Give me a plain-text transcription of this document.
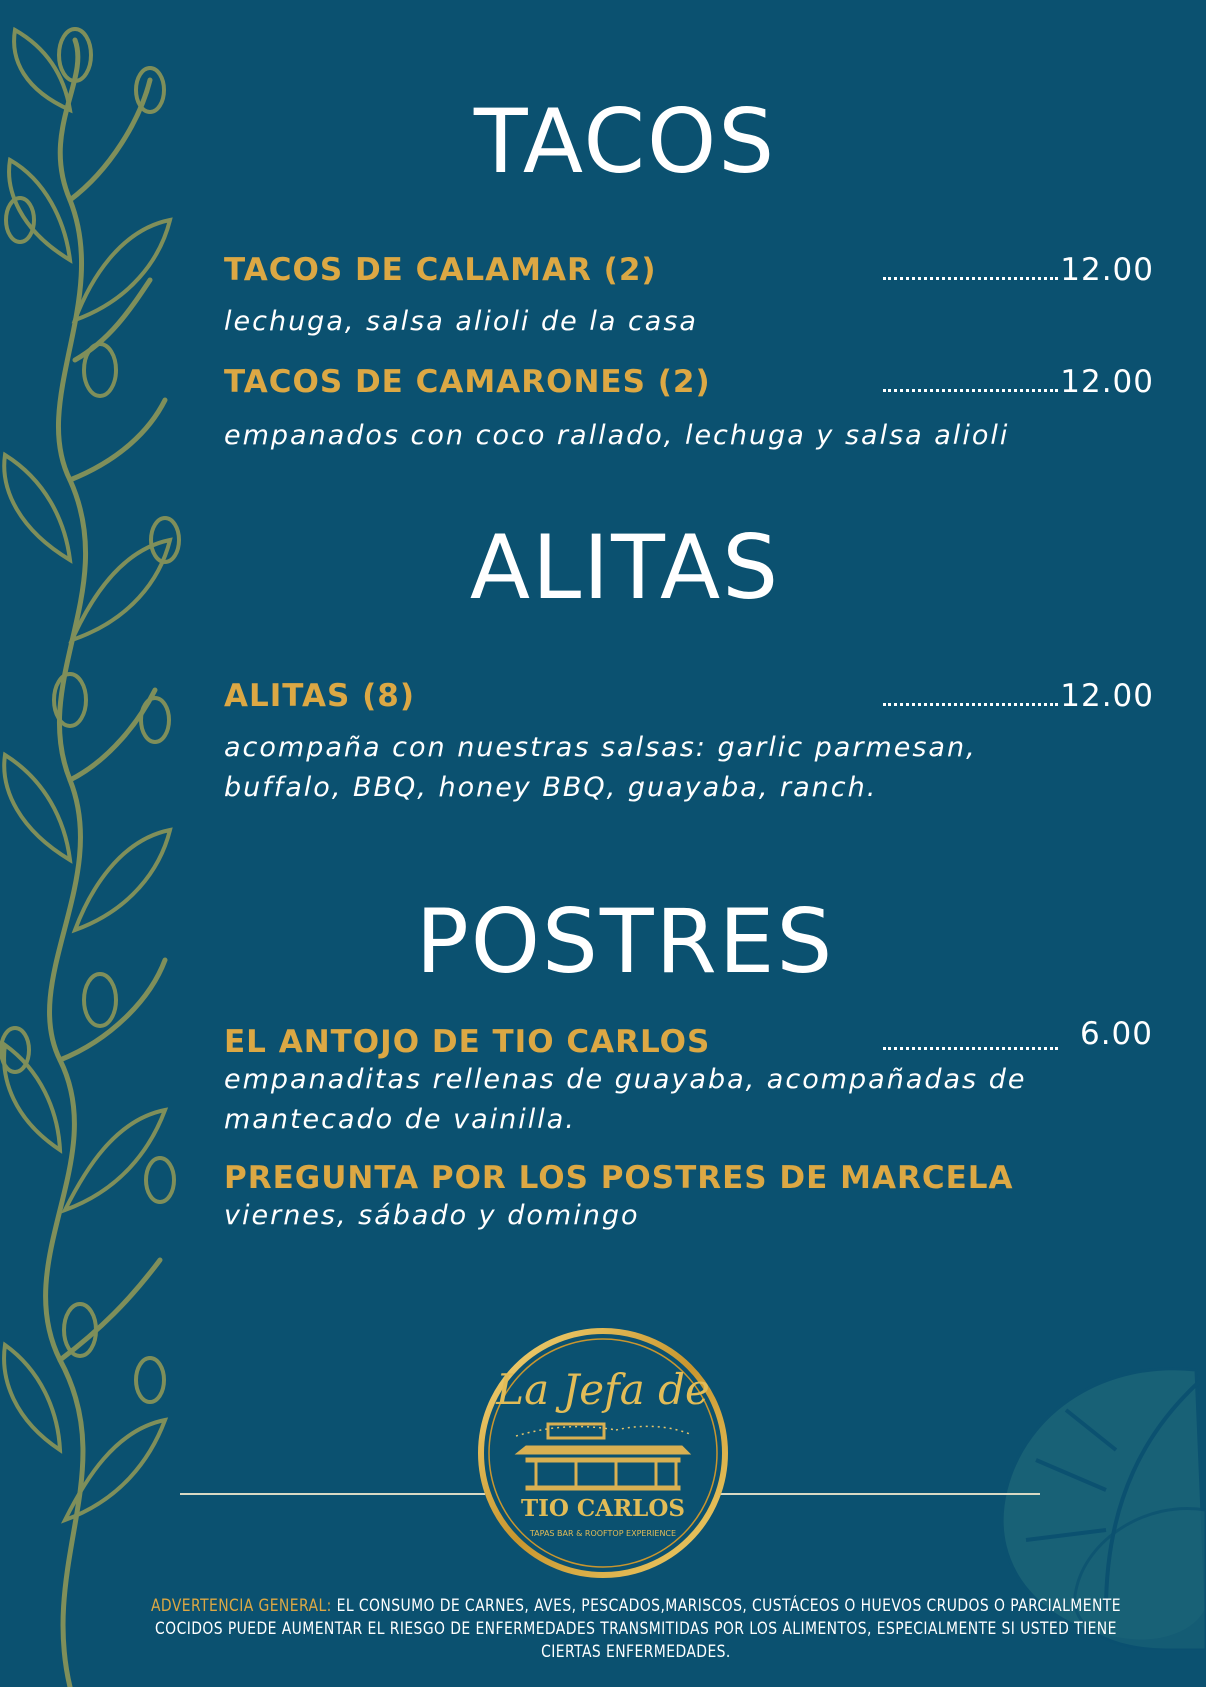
TACOS
TACOS DE CALAMAR (2)	12.00
lechuga, salsa alioli de la casa
TACOS DE CAMARONES (2)	12.00
empanados con coco rallado, lechuga y salsa alioli
ALITAS
ALITAS (8)	12.00
acompaña con nuestras salsas: garlic parmesan,
buffalo, BBQ, honey BBQ, guayaba, ranch.
POSTRES
EL ANTOJO DE TIO CARLOS	6.00
empanaditas rellenas de guayaba, acompañadas de
mantecado de vainilla.
PREGUNTA POR LOS POSTRES DE MARCELA
viernes, sábado y domingo
La Jefa de
TIO CARLOS
TAPAS BAR & ROOFTOP EXPERIENCE
ADVERTENCIA GENERAL: EL CONSUMO DE CARNES, AVES, PESCADOS,MARISCOS, CUSTÁCEOS O HUEVOS CRUDOS O PARCIALMENTE
COCIDOS PUEDE AUMENTAR EL RIESGO DE ENFERMEDADES TRANSMITIDAS POR LOS ALIMENTOS, ESPECIALMENTE SI USTED TIENE
CIERTAS ENFERMEDADES.
